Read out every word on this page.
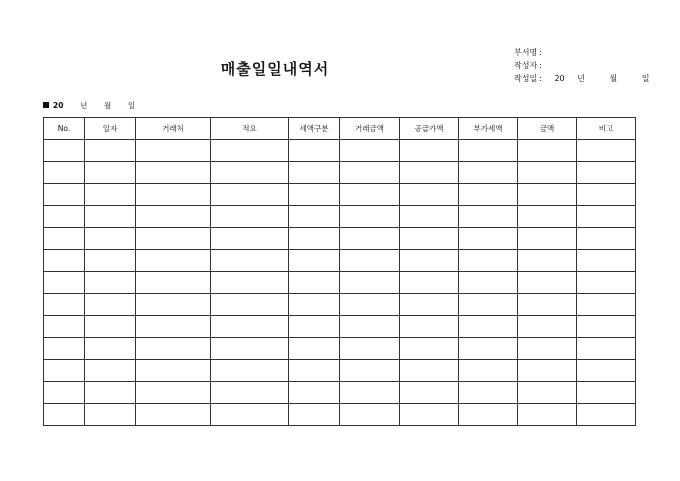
매출일일내역서
부서명 :
작성자 :
작성일 : 20 년	월	일
20 년 월 일
No.	일자	거래처	적요	세액구분	거래금액	공급가액	부가세액	금액	비고
